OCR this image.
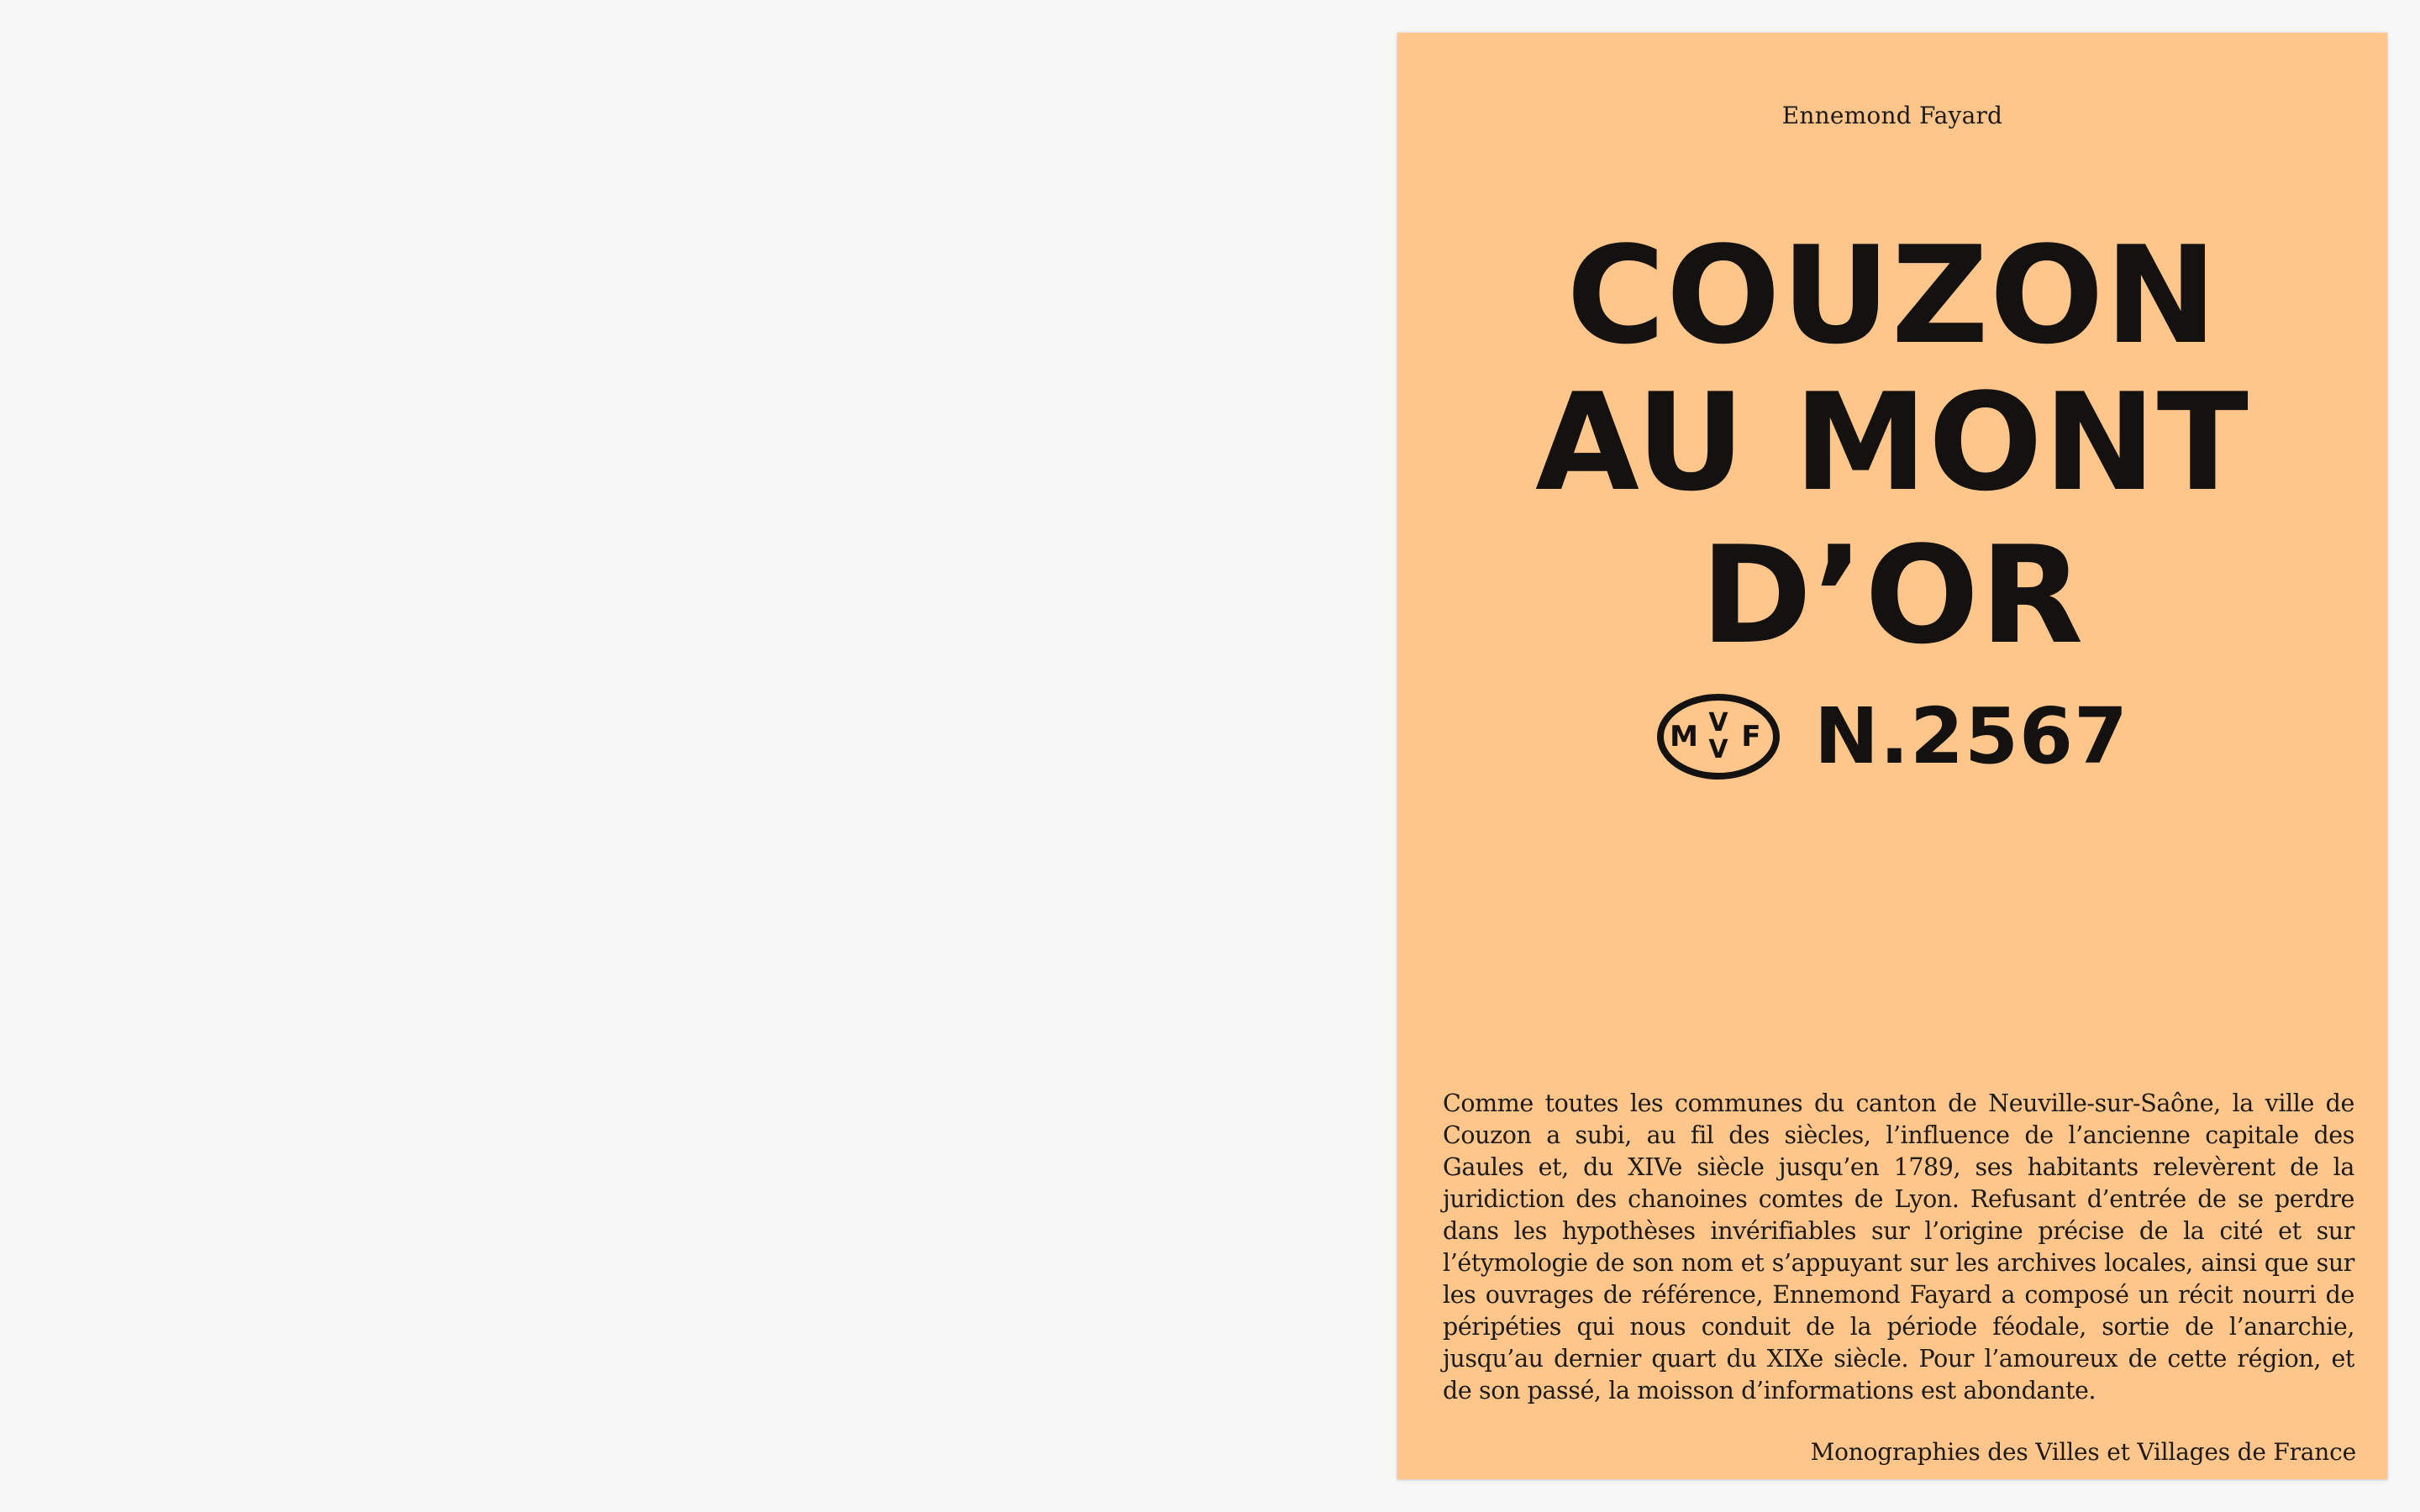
Ennemond Fayard
COUZON
AU MONT
D’OR
M V
V F N.2567
Comme toutes les communes du canton de Neuville-sur-Saône, la ville de Couzon a subi, au fil des siècles, l’influence de l’ancienne capitale des Gaules et, du XIVe siècle jusqu’en 1789, ses habitants relevèrent de la juridiction des chanoines comtes de Lyon. Refusant d’entrée de se perdre dans les hypothèses invérifiables sur l’origine précise de la cité et sur l’étymologie de son nom et s’appuyant sur les archives locales, ainsi que sur les ouvrages de référence, Ennemond Fayard a composé un récit nourri de péripéties qui nous conduit de la période féodale, sortie de l’anarchie, jusqu’au dernier quart du XIXe siècle. Pour l’amoureux de cette région, et de son passé, la moisson d’informations est abondante.
Monographies des Villes et Villages de France
